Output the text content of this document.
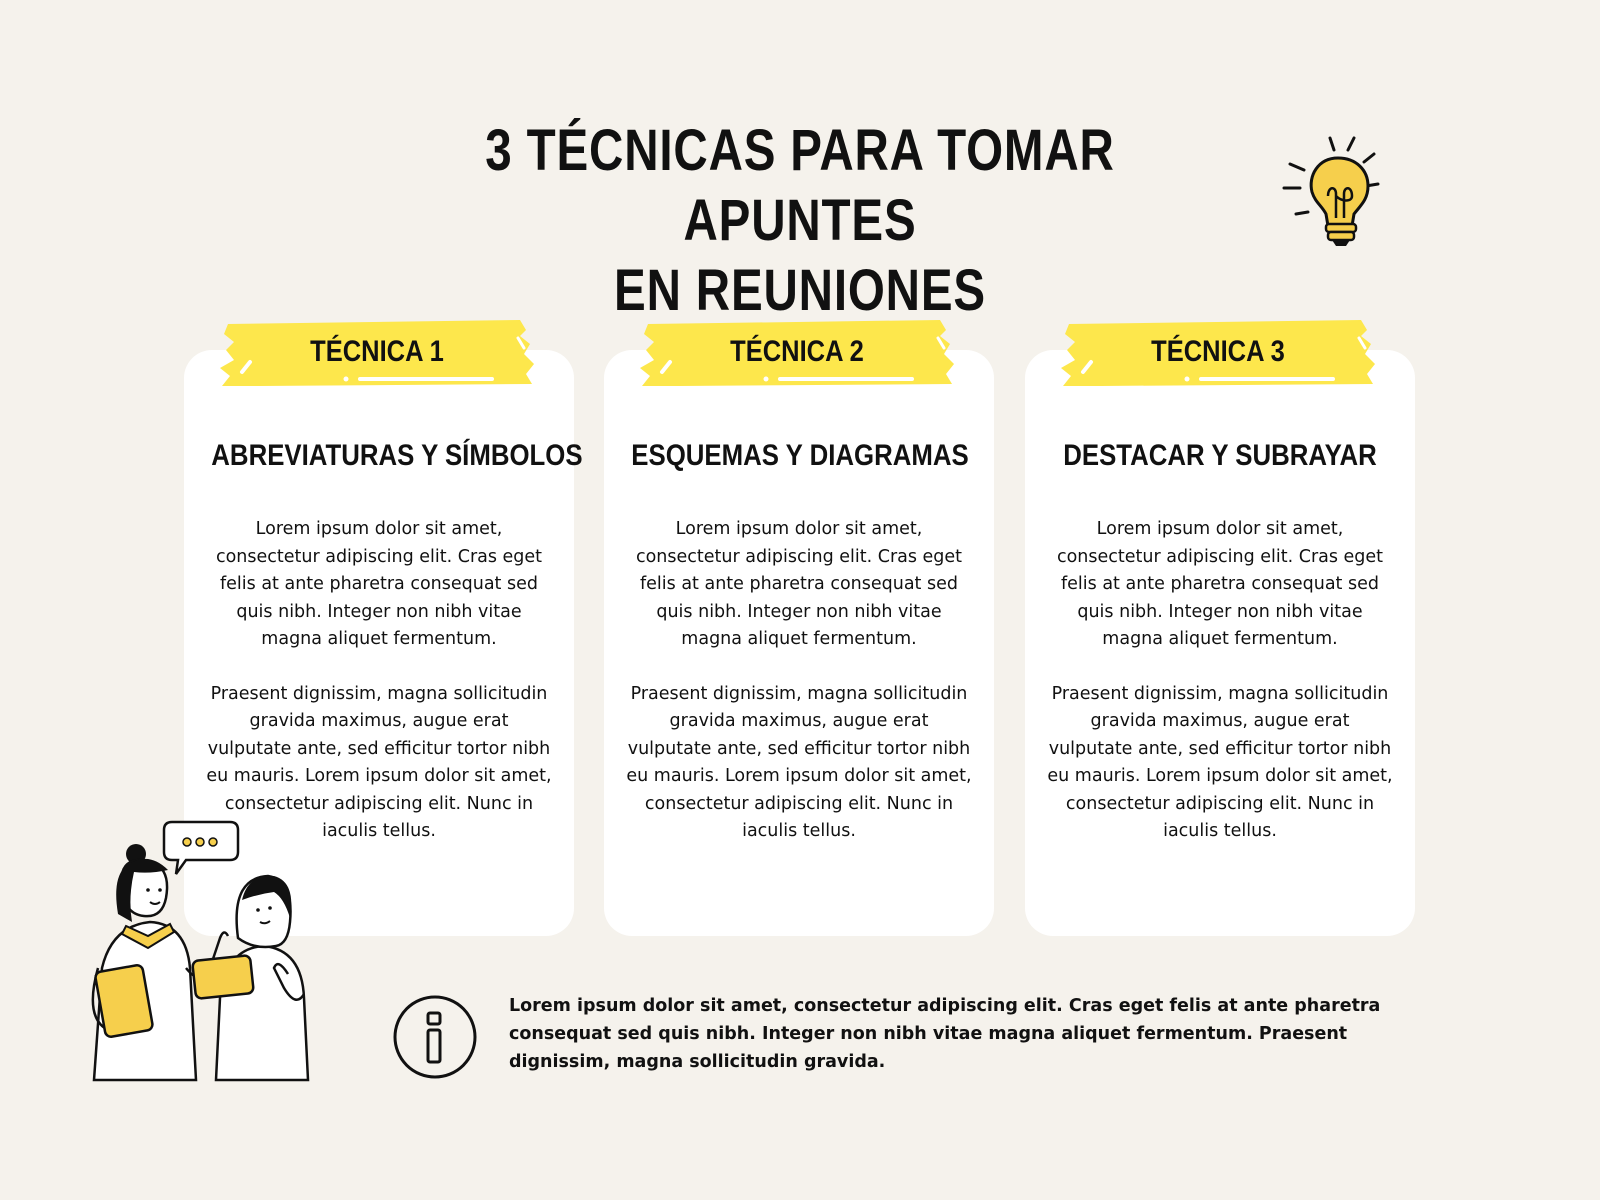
3 TÉCNICAS PARA TOMAR APUNTES
EN REUNIONES
TÉCNICA 1
ABREVIATURAS Y SÍMBOLOS

Lorem ipsum dolor sit amet, consectetur adipiscing elit. Cras eget felis at ante pharetra consequat sed quis nibh. Integer non nibh vitae magna aliquet fermentum.

Praesent dignissim, magna sollicitudin gravida maximus, augue erat vulputate ante, sed efficitur tortor nibh eu mauris. Lorem ipsum dolor sit amet, consectetur adipiscing elit. Nunc in iaculis tellus.

TÉCNICA 2
ESQUEMAS Y DIAGRAMAS

Lorem ipsum dolor sit amet, consectetur adipiscing elit. Cras eget felis at ante pharetra consequat sed quis nibh. Integer non nibh vitae magna aliquet fermentum.

Praesent dignissim, magna sollicitudin gravida maximus, augue erat vulputate ante, sed efficitur tortor nibh eu mauris. Lorem ipsum dolor sit amet, consectetur adipiscing elit. Nunc in iaculis tellus.

TÉCNICA 3
DESTACAR Y SUBRAYAR

Lorem ipsum dolor sit amet, consectetur adipiscing elit. Cras eget felis at ante pharetra consequat sed quis nibh. Integer non nibh vitae magna aliquet fermentum.

Praesent dignissim, magna sollicitudin gravida maximus, augue erat vulputate ante, sed efficitur tortor nibh eu mauris. Lorem ipsum dolor sit amet, consectetur adipiscing elit. Nunc in iaculis tellus.

Lorem ipsum dolor sit amet, consectetur adipiscing elit. Cras eget felis at ante pharetra consequat sed quis nibh. Integer non nibh vitae magna aliquet fermentum. Praesent dignissim, magna sollicitudin gravida.
